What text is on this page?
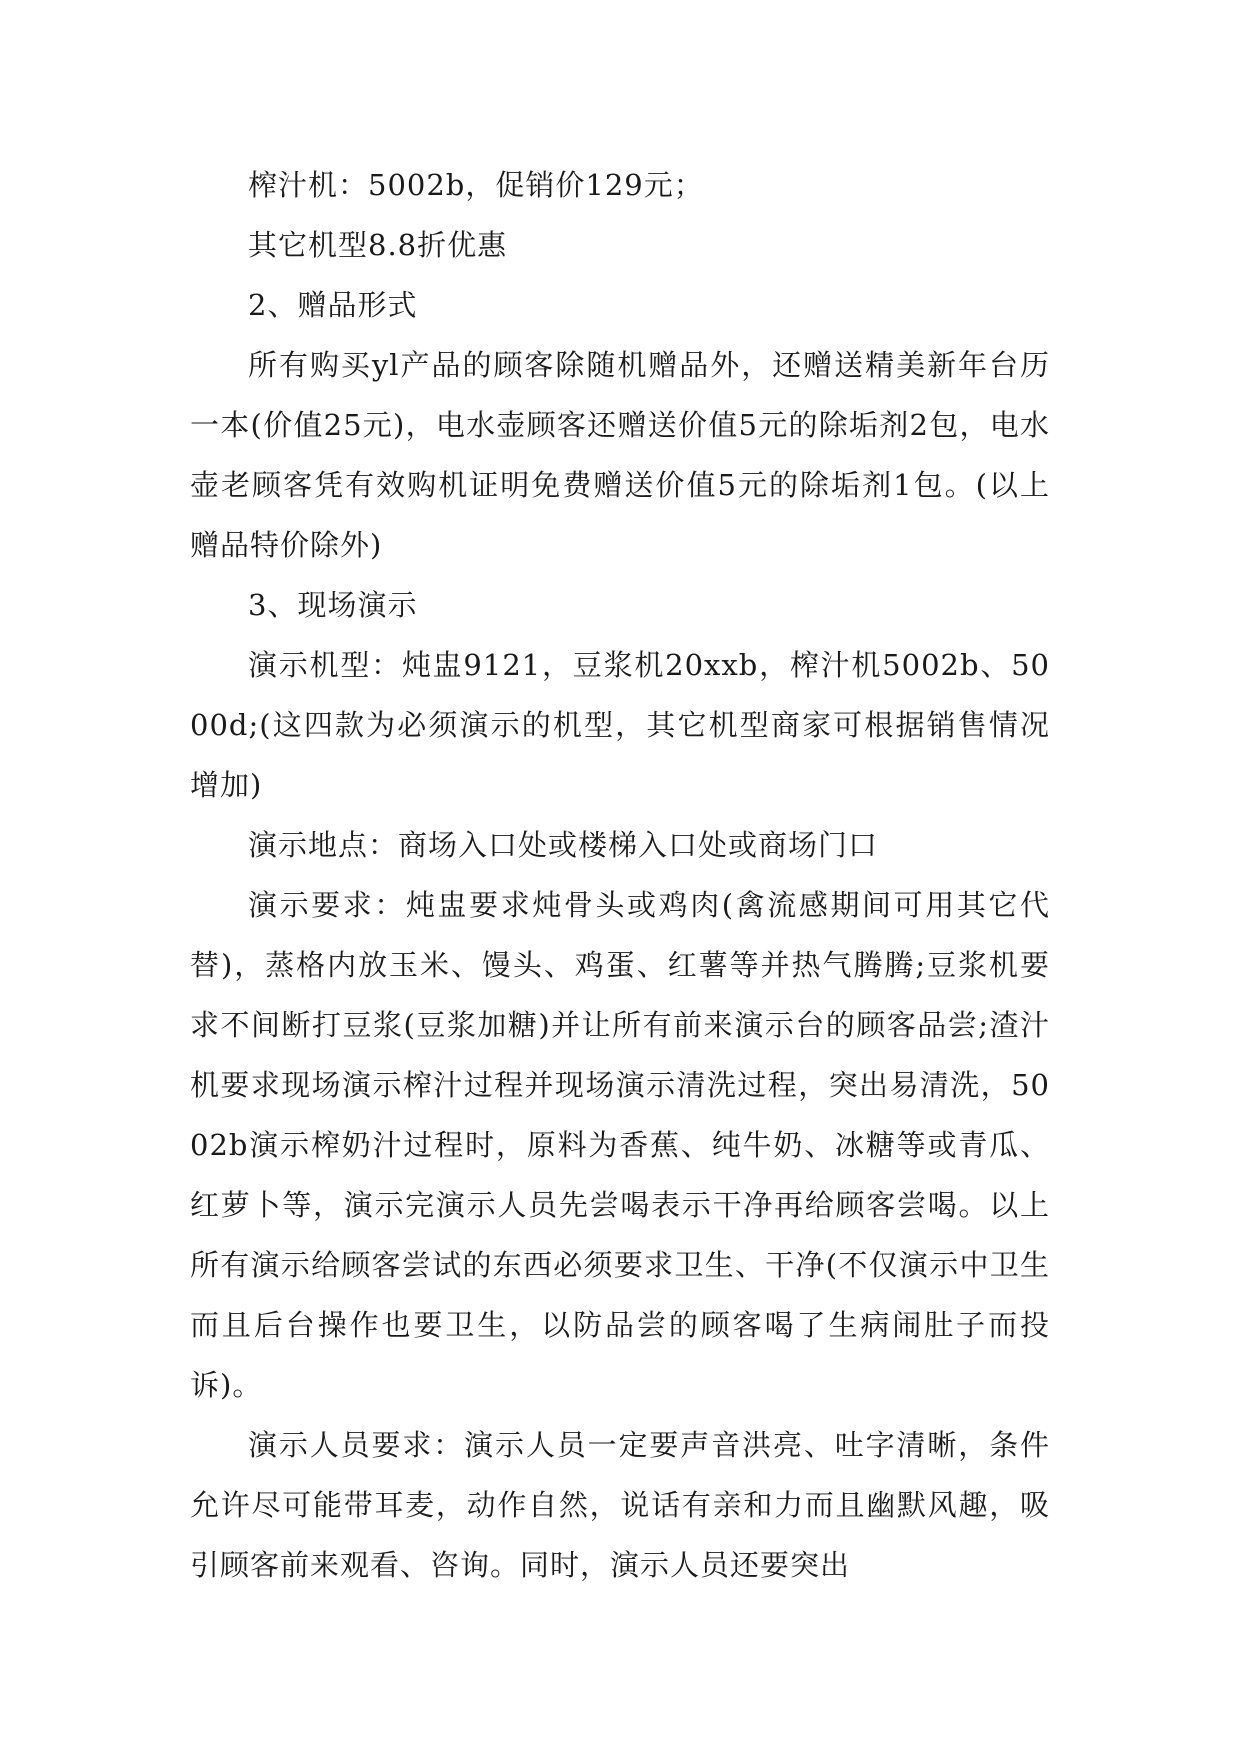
榨汁机：5002b，促销价129元；

其它机型8.8折优惠

2、赠品形式

所有购买yl产品的顾客除随机赠品外，还赠送精美新年台历一本(价值25元)，电水壶顾客还赠送价值5元的除垢剂2包，电水壶老顾客凭有效购机证明免费赠送价值5元的除垢剂1包。(以上赠品特价除外)

3、现场演示

演示机型：炖盅9121，豆浆机20xxb，榨汁机5002b、5000d;(这四款为必须演示的机型，其它机型商家可根据销售情况增加)

演示地点：商场入口处或楼梯入口处或商场门口

演示要求：炖盅要求炖骨头或鸡肉(禽流感期间可用其它代替)，蒸格内放玉米、馒头、鸡蛋、红薯等并热气腾腾;豆浆机要求不间断打豆浆(豆浆加糖)并让所有前来演示台的顾客品尝;渣汁机要求现场演示榨汁过程并现场演示清洗过程，突出易清洗，5002b演示榨奶汁过程时，原料为香蕉、纯牛奶、冰糖等或青瓜、红萝卜等，演示完演示人员先尝喝表示干净再给顾客尝喝。以上所有演示给顾客尝试的东西必须要求卫生、干净(不仅演示中卫生而且后台操作也要卫生，以防品尝的顾客喝了生病闹肚子而投诉)。

演示人员要求：演示人员一定要声音洪亮、吐字清晰，条件允许尽可能带耳麦，动作自然，说话有亲和力而且幽默风趣，吸引顾客前来观看、咨询。同时，演示人员还要突出
